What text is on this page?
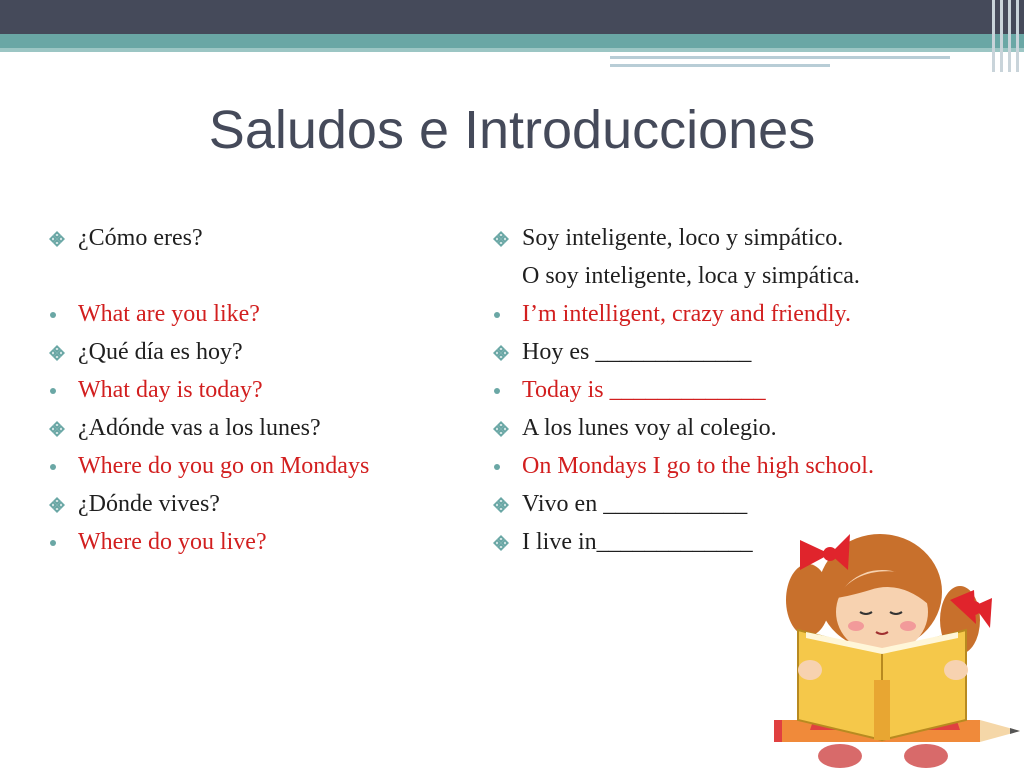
Saludos e Introducciones
¿Cómo eres?
What are you like?
¿Qué día es hoy?
What day is today?
¿Adónde vas a los lunes?
Where do you go on Mondays
¿Dónde vives?
Where do you live?
Soy inteligente, loco y simpático.
O soy inteligente, loca y simpática.
I’m intelligent, crazy and friendly.
Hoy es _____________
Today is _____________
A los lunes voy al colegio.
On Mondays I go to the high school.
Vivo en ____________
I live in_____________
